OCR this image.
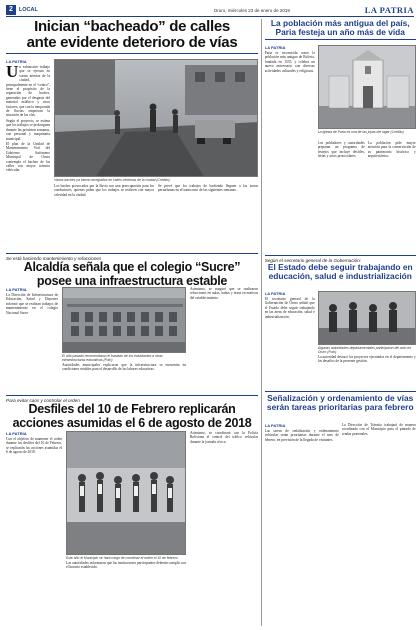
2	LOCAL	Oruro, miércoles 23 de enero de 2019	LA PATRIA
Inician “bacheado” de calles
ante evidente deterioro de vías
LA PATRIA
U n exhaustivo trabajo que se ejecuta en varias arterias de la ciudad, principalmente en el “centro”, tiene el propósito de la reparación de baches, generados por el desgaste del material asfáltico y otros factores, que con la temporada de lluvias empeoran la situación de las vías.

Según el proyecto, se estima que los trabajos se prolonguen durante las próximas semanas, con personal y maquinaria municipal.

El plan de la Unidad de Mantenimiento Vial del Gobierno Autónomo Municipal de Oruro contempla el bacheo de las calles con mayor tránsito vehicular.

Varios baches ya fueron arreglados en calles céntricas de la ciudad (Crédito)
Los baches provocados por la lluvia son una preocupación para los conductores, quienes piden que los trabajos se realicen con mayor celeridad en la ciudad.
Se prevé que los trabajos de bacheado lleguen a las zonas periurbanas en el transcurso de las siguientes semanas.
Se está haciendo mantenimiento y refacciones
Alcaldía señala que el colegio “Sucre”
posee una infraestructura estable
LA PATRIA
La Dirección de Infraestructura de Educación, Salud y Deportes informó que se realizan trabajos de mantenimiento en el colegio Nacional Sucre.
El año pasado recomendaron el traslado de los estudiantes a otras infraestructuras educativas (Foto)
Autoridades municipales explicaron que la infraestructura se encuentra en condiciones estables para el desarrollo de las labores educativas.
Asimismo, se aseguró que se realizaron refacciones en aulas, baños y áreas recreativas del establecimiento.
Para evitar caos y controlar el orden
Desfiles del 10 de Febrero replicarán
acciones asumidas el 6 de agosto de 2018
LA PATRIA
Con el objetivo de mantener el orden durante los desfiles del 10 de Febrero, se replicarán las acciones asumidas el 6 de agosto de 2018.
Este año el Municipio se hará cargo de coordinar el orden el 10 de febrero
Las autoridades informaron que las instituciones participantes deberán cumplir con el horario establecido.
Asimismo, se coordinará con la Policía Boliviana el control del tráfico vehicular durante la jornada cívica.
La población más antigua del país, Paria festeja un año más de vida
LA PATRIA
Paria es reconocida como la población más antigua de Bolivia, fundada en 1535, y celebra un nuevo aniversario con diversas actividades culturales y religiosas.
La iglesia de Paria es una de las joyas del lugar (Crédito)
Los pobladores y autoridades preparan un programa de festejos que incluye desfiles, ferias y actos protocolares.
La población pide mayor atención para la conservación de su patrimonio histórico y arquitectónico.
Según el secretario general de la Gobernación:
El Estado debe seguir trabajando en educación, salud e industrialización
LA PATRIA
El secretario general de la Gobernación de Oruro señaló que el Estado debe seguir trabajando en las áreas de educación, salud e industrialización.
Algunas autoridades departamentales participaron del acto en Oruro (Foto)
La autoridad destacó los proyectos ejecutados en el departamento y los desafíos de la presente gestión.
Señalización y ordenamiento de vías serán tareas prioritarias para febrero
LA PATRIA
Las tareas de señalización y ordenamiento vehicular serán prioritarias durante el mes de febrero, en previsión de la llegada de visitantes.
La Dirección de Tránsito trabajará de manera coordinada con el Municipio para el pintado de sendas peatonales.
